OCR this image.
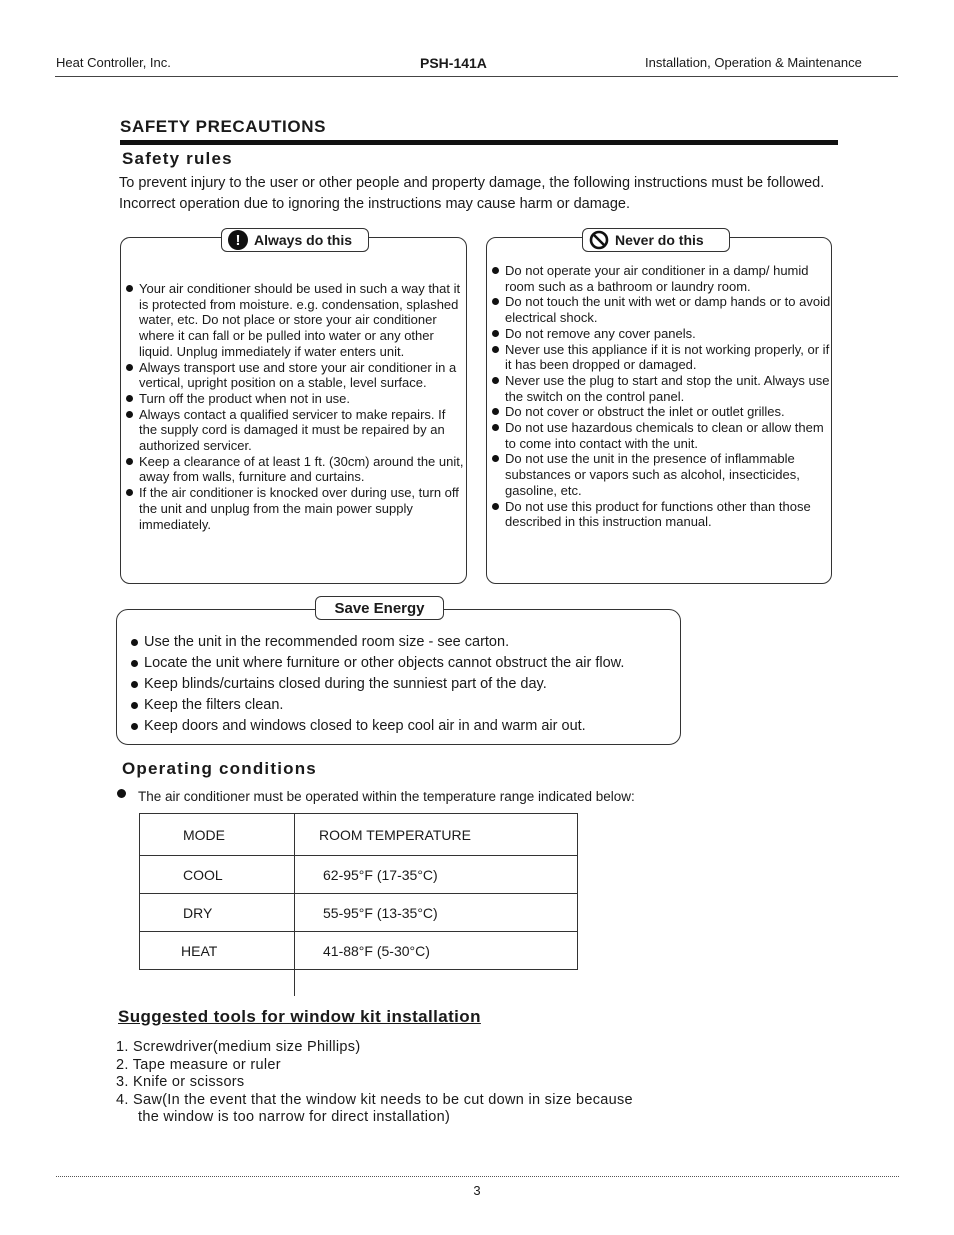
Heat Controller, Inc.	PSH-141A	Installation, Operation & Maintenance
SAFETY PRECAUTIONS
Safety rules
To prevent injury to the user or other people and property damage, the following instructions must be followed. Incorrect operation due to ignoring the instructions may cause harm or damage.
Your air conditioner should be used in such a way that it is protected from moisture. e.g. condensation, splashed water, etc. Do not place or store your air conditioner where it can fall or be pulled into water or any other liquid. Unplug immediately if water enters unit.
Always transport use and store your air conditioner in a vertical, upright position on a stable, level surface.
Turn off the product when not in use.
Always contact a qualified servicer to make repairs. If the supply cord is damaged it must be repaired by an authorized servicer.
Keep a clearance of at least 1 ft. (30cm) around the unit, away from walls, furniture and curtains.
If the air conditioner is knocked over during use, turn off the unit and unplug from the main power supply immediately.
! Always do this
Do not operate your air conditioner in a damp/ humid room such as a bathroom or laundry room.
Do not touch the unit with wet or damp hands or to avoid electrical shock.
Do not remove any cover panels.
Never use this appliance if it is not working properly, or if it has been dropped or damaged.
Never use the plug to start and stop the unit. Always use the switch on the control panel.
Do not cover or obstruct the inlet or outlet grilles.
Do not use hazardous chemicals to clean or allow them to come into contact with the unit.
Do not use the unit in the presence of inflammable substances or vapors such as alcohol, insecticides, gasoline, etc.
Do not use this product for functions other than those described in this instruction manual.
Never do this
Use the unit in the recommended room size - see carton.
Locate the unit where furniture or other objects cannot obstruct the air flow.
Keep blinds/curtains closed during the sunniest part of the day.
Keep the filters clean.
Keep doors and windows closed to keep cool air in and warm air out.
Save Energy
Operating conditions
The air conditioner must be operated within the temperature range indicated below:
MODE	ROOM TEMPERATURE
COOL	62-95°F (17-35°C)
DRY	55-95°F (13-35°C)
HEAT	41-88°F (5-30°C)
Suggested tools for window kit installation
1. Screwdriver(medium size Phillips)
2. Tape measure or ruler
3. Knife or scissors
4. Saw(In the event that the window kit needs to be cut down in size because
the window is too narrow for direct installation)
3
